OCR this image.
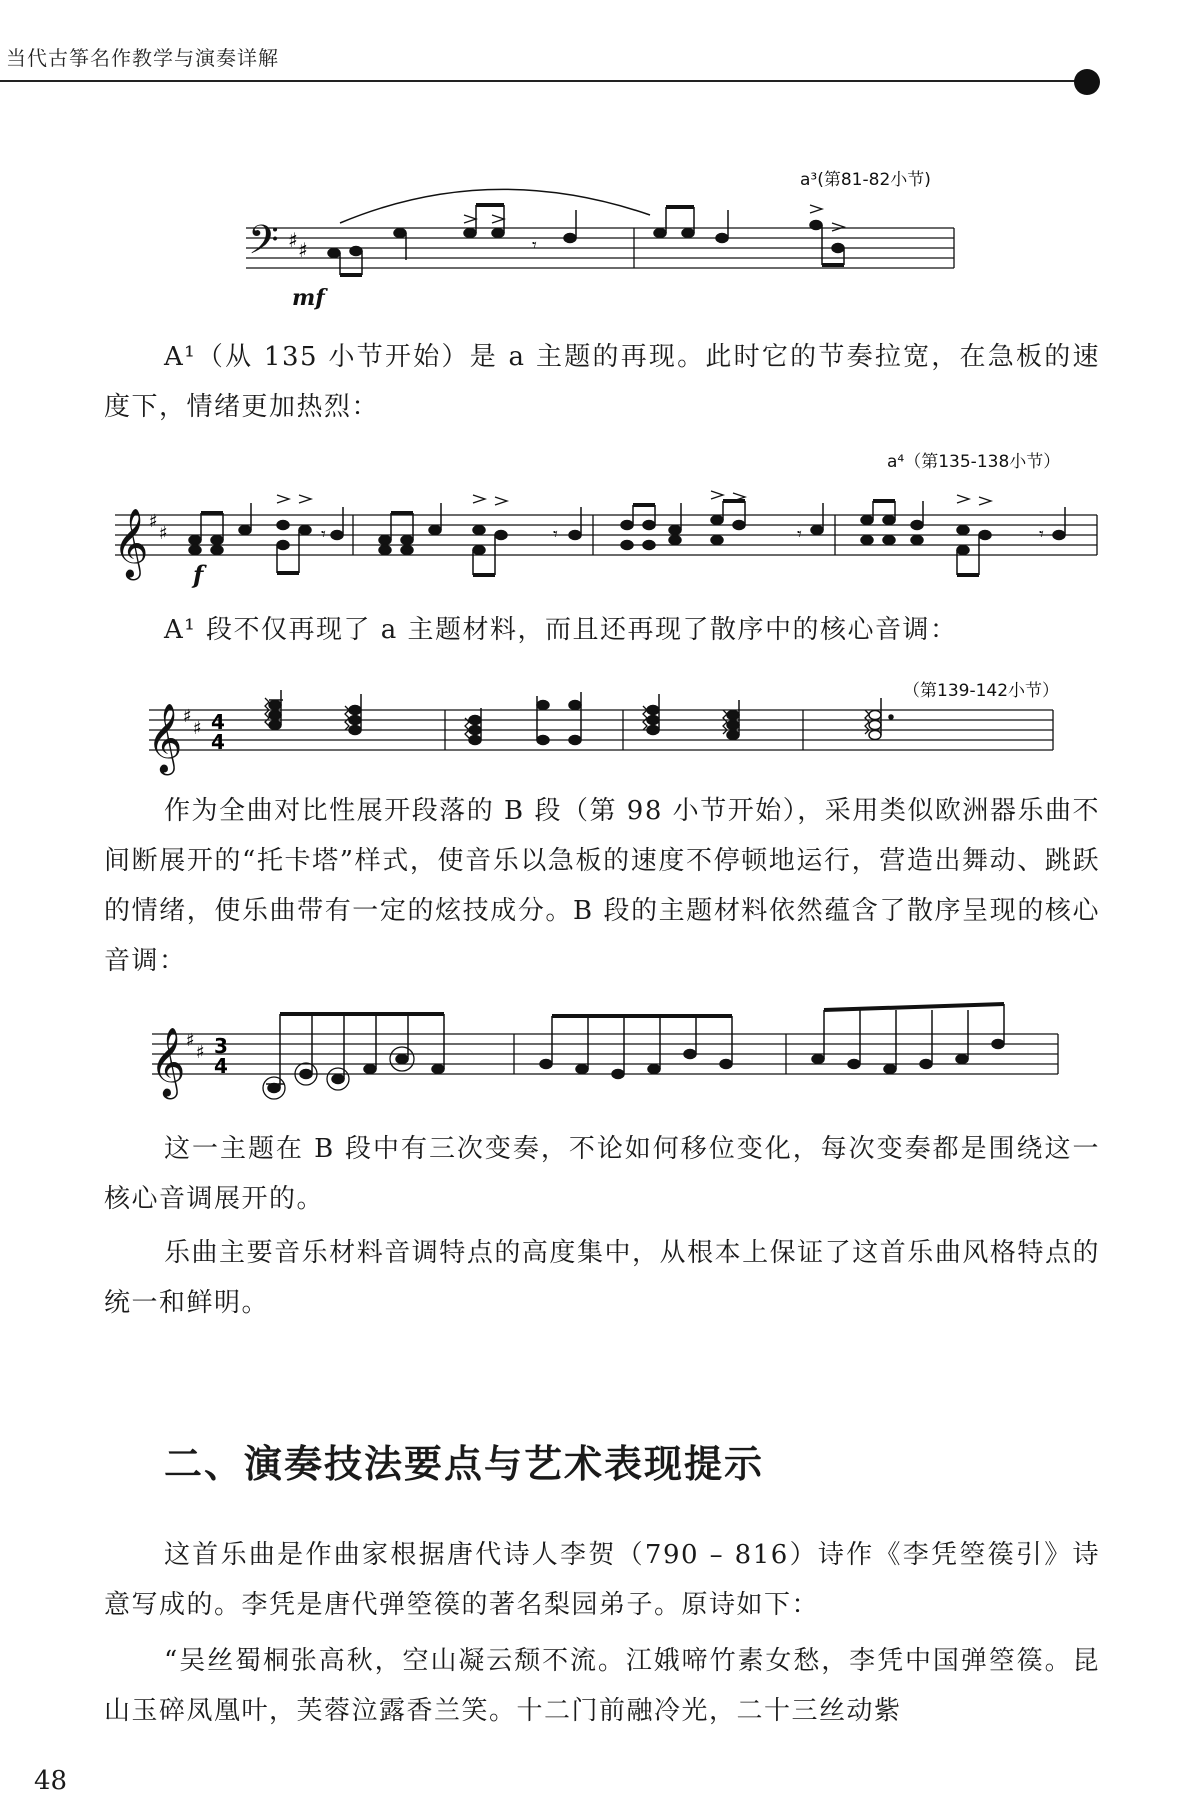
当代古筝名作教学与演奏详解
a³(第81-82小节)
𝄢 ♯ ♯	𝄾
mf

A¹（从 135 小节开始）是 a 主题的再现。此时它的节奏拉宽，在急板的速度下，情绪更加热烈：

a⁴（第135-138小节）
𝄞 ♯
♯	𝄾	𝄾	𝄾	𝄾
f

A¹ 段不仅再现了 a 主题材料，而且还再现了散序中的核心音调：

（第139-142小节）
𝄞 ♯
♯ 4
4

作为全曲对比性展开段落的 B 段（第 98 小节开始），采用类似欧洲器乐曲不间断展开的“托卡塔”样式，使音乐以急板的速度不停顿地运行，营造出舞动、跳跃的情绪，使乐曲带有一定的炫技成分。B 段的主题材料依然蕴含了散序呈现的核心音调：

𝄞 ♯
♯ 3
4

这一主题在 B 段中有三次变奏，不论如何移位变化，每次变奏都是围绕这一核心音调展开的。

乐曲主要音乐材料音调特点的高度集中，从根本上保证了这首乐曲风格特点的统一和鲜明。

二、演奏技法要点与艺术表现提示

这首乐曲是作曲家根据唐代诗人李贺（790 – 816）诗作《李凭箜篌引》诗意写成的。李凭是唐代弹箜篌的著名梨园弟子。原诗如下：

“吴丝蜀桐张高秋，空山凝云颓不流。江娥啼竹素女愁，李凭中国弹箜篌。昆山玉碎凤凰叶，芙蓉泣露香兰笑。十二门前融冷光，二十三丝动紫

48
